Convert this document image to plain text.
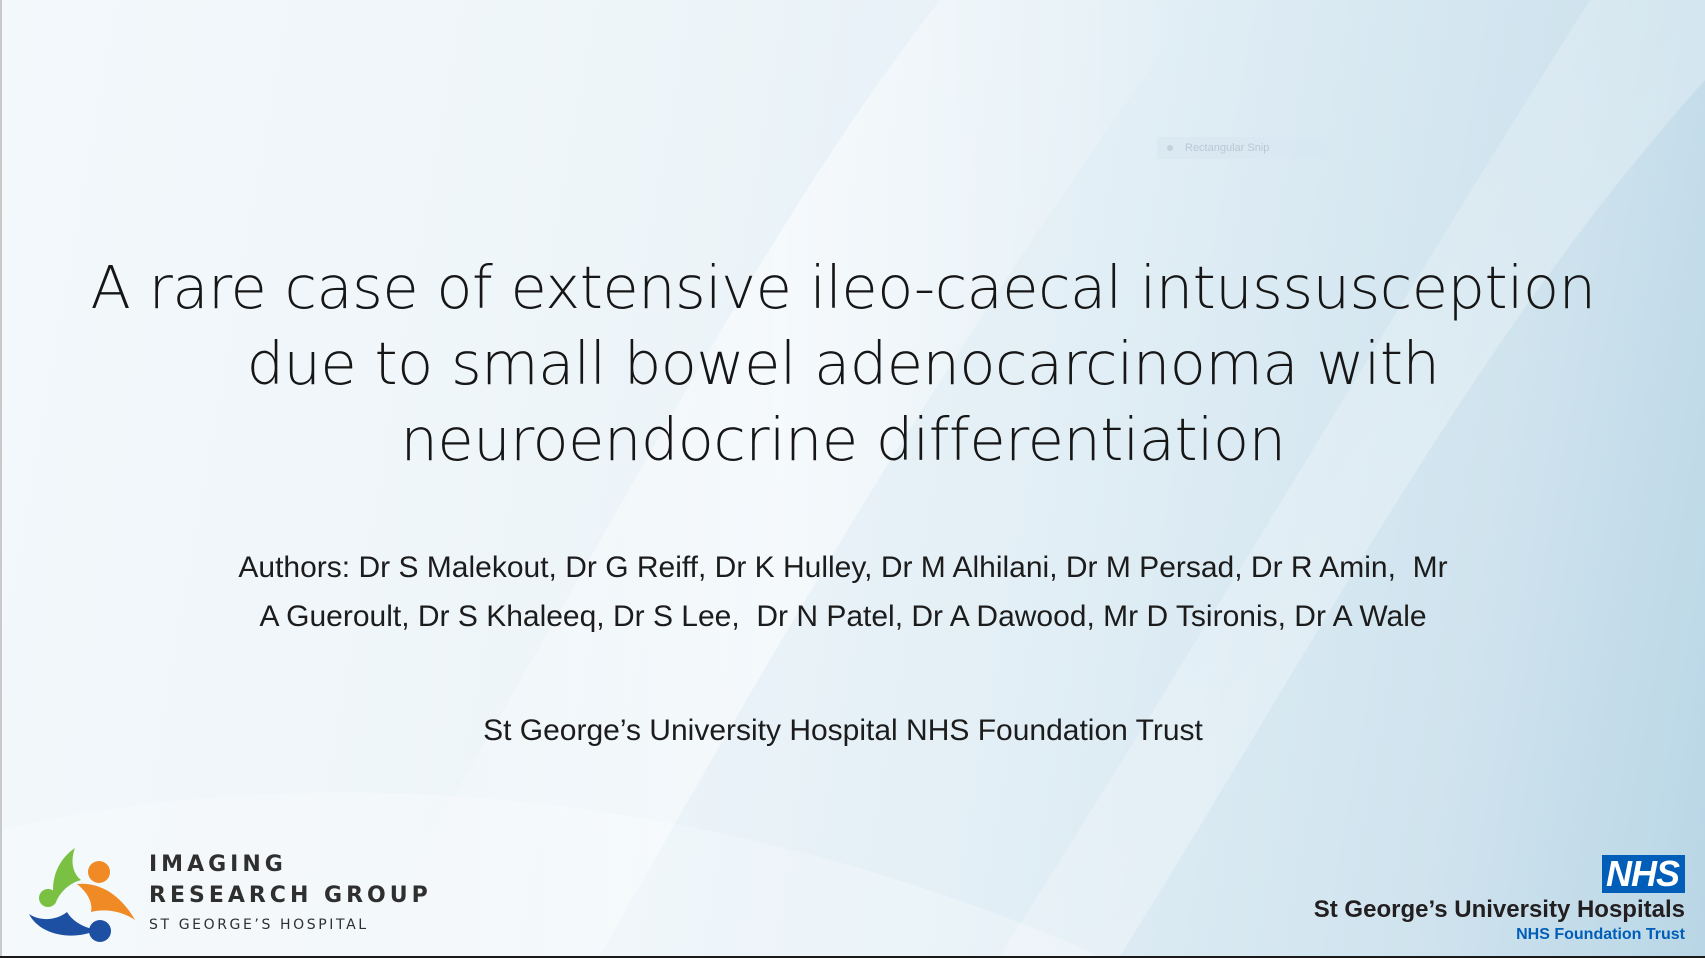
Rectangular Snip
A rare case of extensive ileo-caecal intussusception
due to small bowel adenocarcinoma with
neuroendocrine differentiation
Authors: Dr S Malekout, Dr G Reiff, Dr K Hulley, Dr M Alhilani, Dr M Persad, Dr R Amin,  Mr
A Gueroult, Dr S Khaleeq, Dr S Lee,  Dr N Patel, Dr A Dawood, Mr D Tsironis, Dr A Wale
St George’s University Hospital NHS Foundation Trust
IMAGING
RESEARCH GROUP
ST GEORGE’S HOSPITAL
NHS
St George’s University Hospitals
NHS Foundation Trust
